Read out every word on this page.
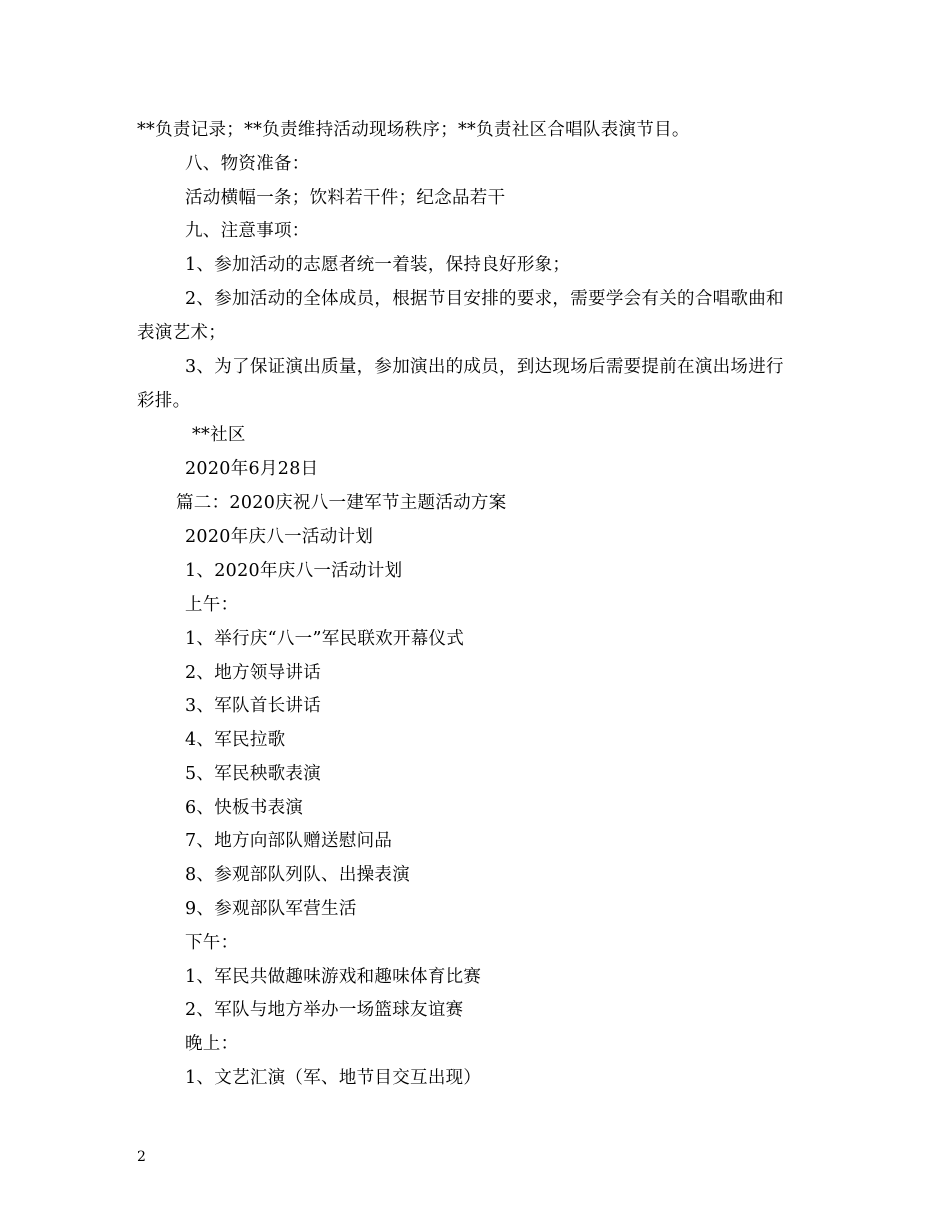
**负责记录；**负责维持活动现场秩序；**负责社区合唱队表演节目。
八、物资准备：
活动横幅一条；饮料若干件；纪念品若干
九、注意事项：
1、参加活动的志愿者统一着装，保持良好形象；
2、参加活动的全体成员，根据节目安排的要求，需要学会有关的合唱歌曲和
表演艺术；
3、为了保证演出质量，参加演出的成员，到达现场后需要提前在演出场进行
彩排。
**社区
2020年6月28日
篇二：2020庆祝八一建军节主题活动方案
2020年庆八一活动计划
1、2020年庆八一活动计划
上午：
1、举行庆“八一”军民联欢开幕仪式
2、地方领导讲话
3、军队首长讲话
4、军民拉歌
5、军民秧歌表演
6、快板书表演
7、地方向部队赠送慰问品
8、参观部队列队、出操表演
9、参观部队军营生活
下午：
1、军民共做趣味游戏和趣味体育比赛
2、军队与地方举办一场篮球友谊赛
晚上：
1、文艺汇演（军、地节目交互出现）
2
